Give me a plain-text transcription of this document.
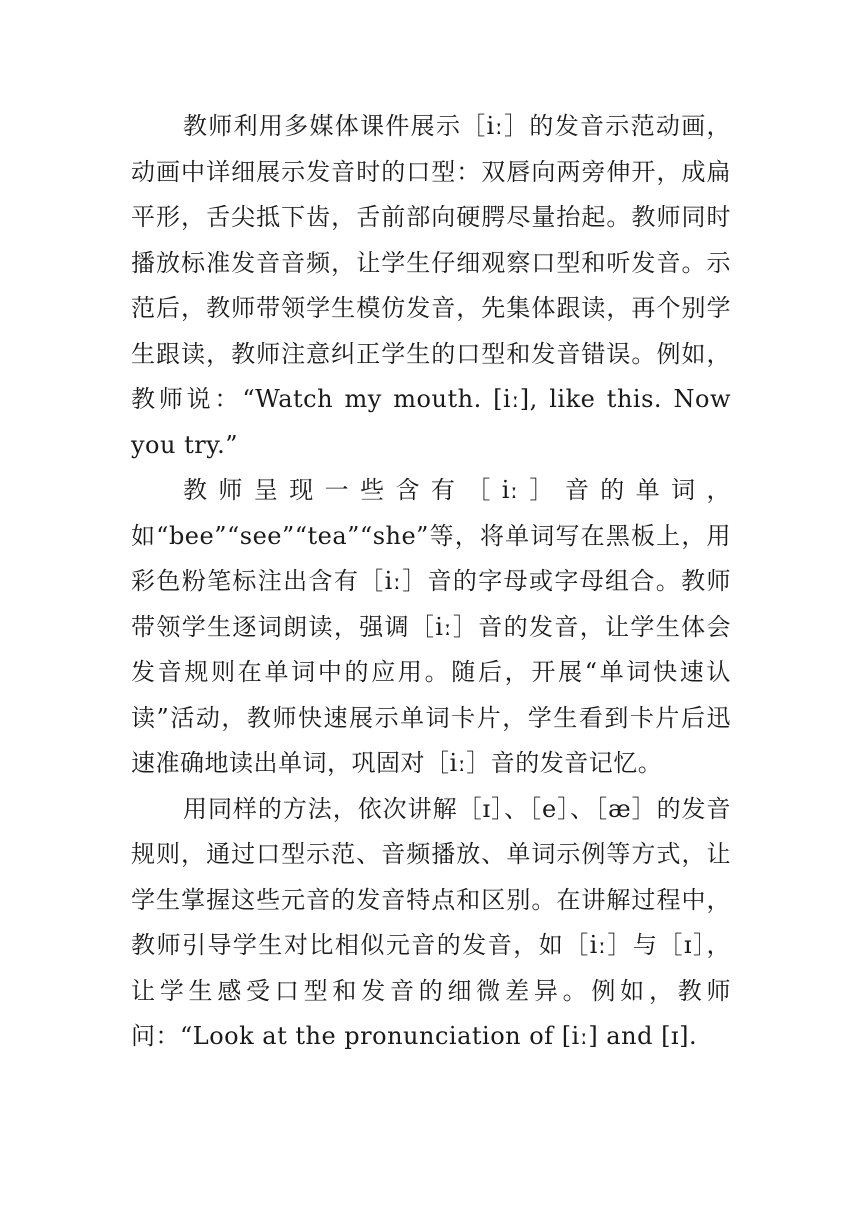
教师利用多媒体课件展示［iː］的发音示范动画，动画中详细展示发音时的口型：双唇向两旁伸开，成扁平形，舌尖抵下齿，舌前部向硬腭尽量抬起。教师同时播放标准发音音频，让学生仔细观察口型和听发音。示范后，教师带领学生模仿发音，先集体跟读，再个别学生跟读，教师注意纠正学生的口型和发音错误。例如，教师说：“Watch my mouth. [iː], like this. Now you try.”

教师呈现一些含有［iː］音的单词，如“bee”“see”“tea”“she”等，将单词写在黑板上，用彩色粉笔标注出含有［iː］音的字母或字母组合。教师带领学生逐词朗读，强调［iː］音的发音，让学生体会发音规则在单词中的应用。随后，开展“单词快速认读”活动，教师快速展示单词卡片，学生看到卡片后迅速准确地读出单词，巩固对［iː］音的发音记忆。

用同样的方法，依次讲解［ɪ］、［e］、［æ］的发音规则，通过口型示范、音频播放、单词示例等方式，让学生掌握这些元音的发音特点和区别。在讲解过程中，教师引导学生对比相似元音的发音，如［iː］与［ɪ］，让学生感受口型和发音的细微差异。例如，教师问：“Look at the pronunciation of [iː] and [ɪ].
